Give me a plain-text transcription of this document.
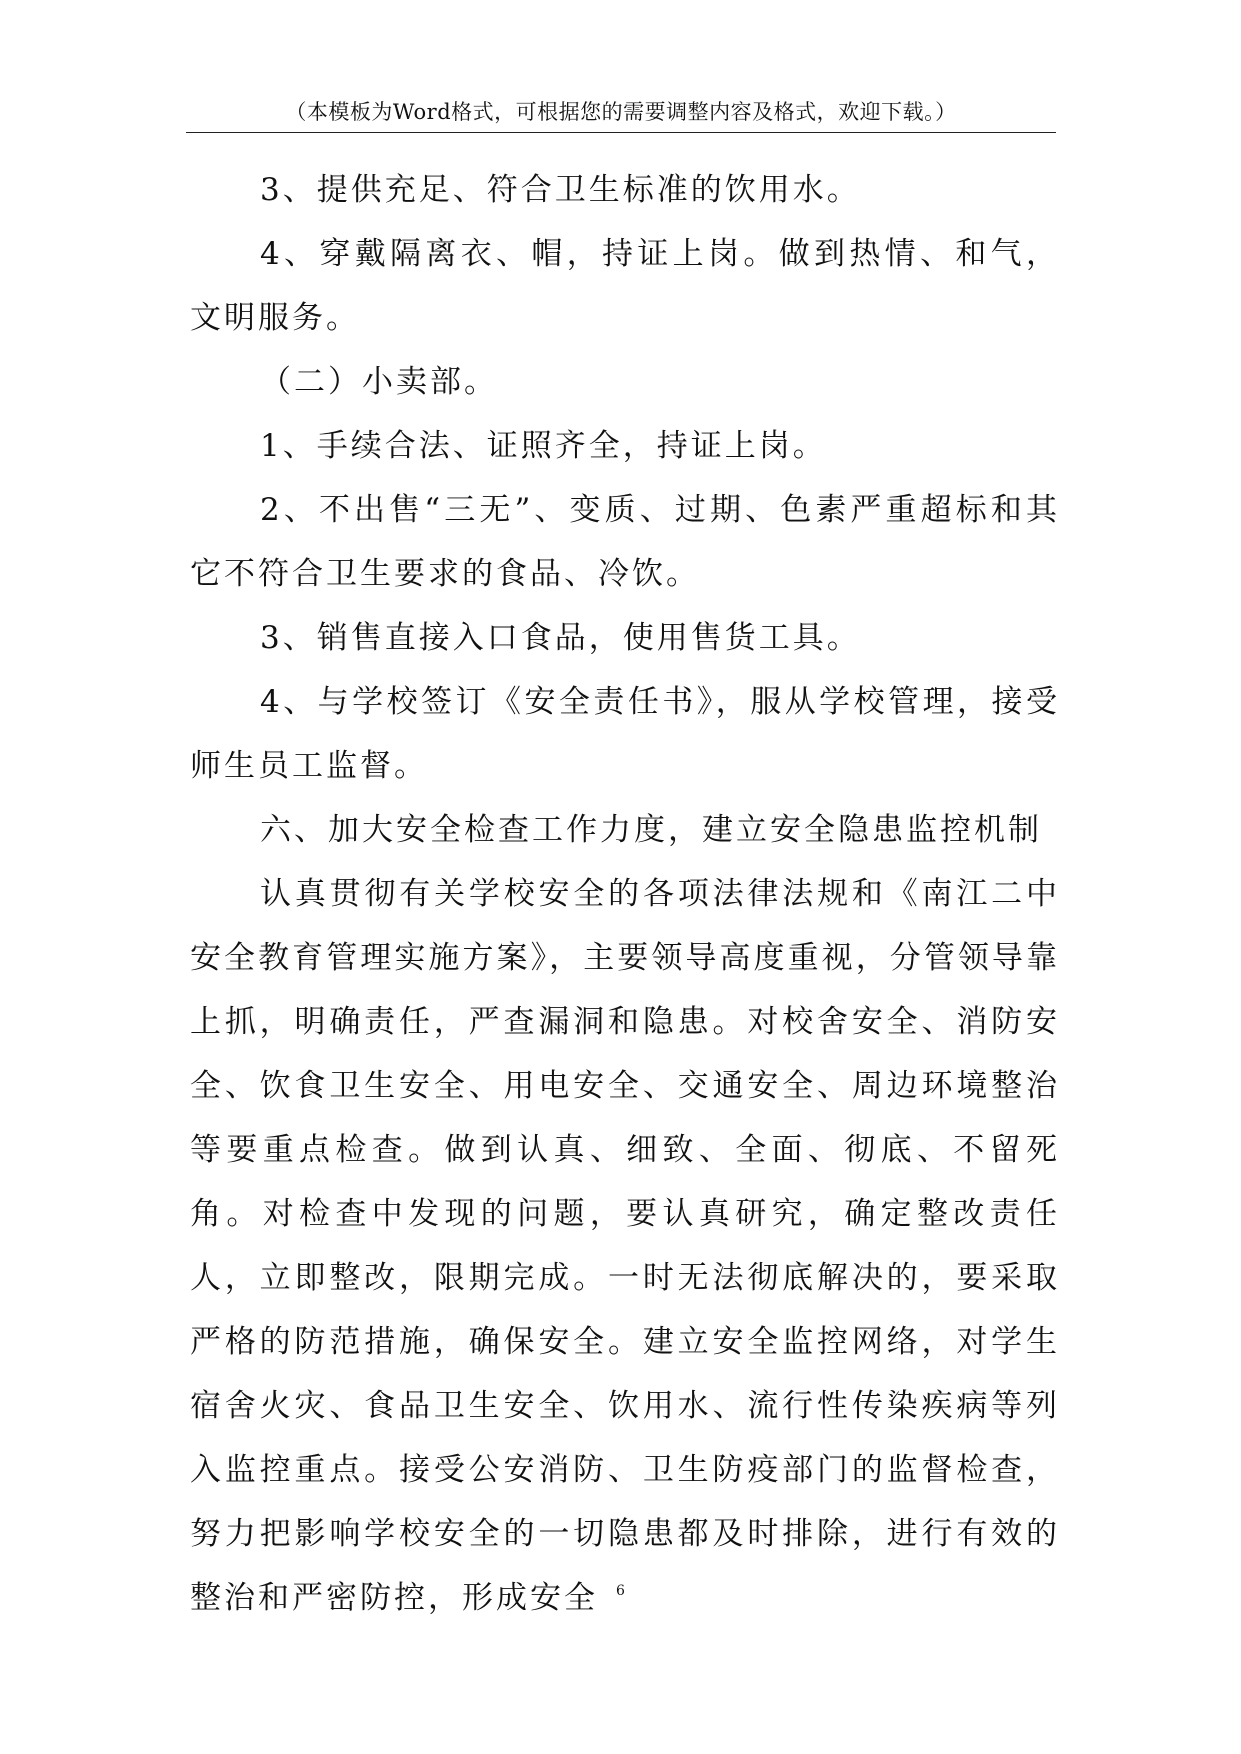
（本模板为Word格式，可根据您的需要调整内容及格式，欢迎下载。）

3、提供充足、符合卫生标准的饮用水。

4、穿戴隔离衣、帽，持证上岗。做到热情、和气，文明服务。

（二）小卖部。

1、手续合法、证照齐全，持证上岗。

2、不出售“三无”、变质、过期、色素严重超标和其它不符合卫生要求的食品、冷饮。

3、销售直接入口食品，使用售货工具。

4、与学校签订《安全责任书》，服从学校管理，接受师生员工监督。

六、加大安全检查工作力度，建立安全隐患监控机制

认真贯彻有关学校安全的各项法律法规和《南江二中安全教育管理实施方案》，主要领导高度重视，分管领导靠上抓，明确责任，严查漏洞和隐患。对校舍安全、消防安全、饮食卫生安全、用电安全、交通安全、周边环境整治等要重点检查。做到认真、细致、全面、彻底、不留死角。对检查中发现的问题，要认真研究，确定整改责任人，立即整改，限期完成。一时无法彻底解决的，要采取严格的防范措施，确保安全。建立安全监控网络，对学生宿舍火灾、食品卫生安全、饮用水、流行性传染疾病等列入监控重点。接受公安消防、卫生防疫部门的监督检查，努力把影响学校安全的一切隐患都及时排除，进行有效的整治和严密防控，形成安全	6
